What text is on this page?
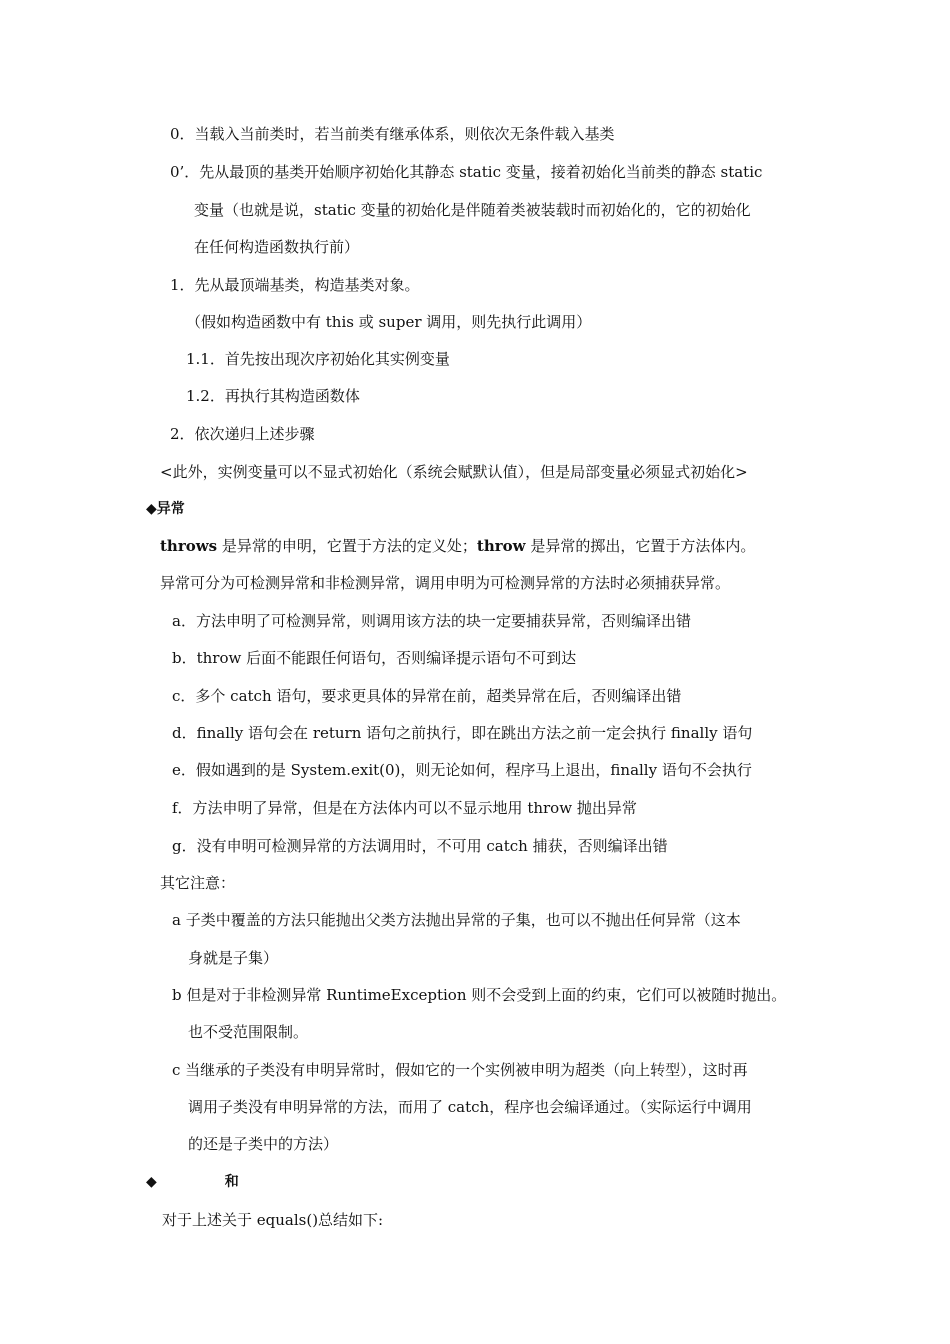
0．当载入当前类时，若当前类有继承体系，则依次无条件载入基类

0’．先从最顶的基类开始顺序初始化其静态 static 变量，接着初始化当前类的静态 static

变量（也就是说，static 变量的初始化是伴随着类被装载时而初始化的，它的初始化

在任何构造函数执行前）

1．先从最顶端基类，构造基类对象。

（假如构造函数中有 this 或 super 调用，则先执行此调用）

1.1．首先按出现次序初始化其实例变量

1.2．再执行其构造函数体

2．依次递归上述步骤

<此外，实例变量可以不显式初始化（系统会赋默认值），但是局部变量必须显式初始化>

◆异常

throws 是异常的申明，它置于方法的定义处；throw 是异常的掷出，它置于方法体内。

异常可分为可检测异常和非检测异常，调用申明为可检测异常的方法时必须捕获异常。

a．方法申明了可检测异常，则调用该方法的块一定要捕获异常，否则编译出错

b．throw 后面不能跟任何语句，否则编译提示语句不可到达

c．多个 catch 语句，要求更具体的异常在前，超类异常在后，否则编译出错

d．finally 语句会在 return 语句之前执行，即在跳出方法之前一定会执行 finally 语句

e．假如遇到的是 System.exit(0)，则无论如何，程序马上退出，finally 语句不会执行

f．方法申明了异常，但是在方法体内可以不显示地用 throw 抛出异常

g．没有申明可检测异常的方法调用时，不可用 catch 捕获，否则编译出错

其它注意：

a 子类中覆盖的方法只能抛出父类方法抛出异常的子集，也可以不抛出任何异常（这本

身就是子集）

b 但是对于非检测异常 RuntimeException 则不会受到上面的约束，它们可以被随时抛出。

也不受范围限制。

c 当继承的子类没有申明异常时，假如它的一个实例被申明为超类（向上转型），这时再

调用子类没有申明异常的方法，而用了 catch，程序也会编译通过。（实际运行中调用

的还是子类中的方法）

◆	和

对于上述关于 equals()总结如下:
